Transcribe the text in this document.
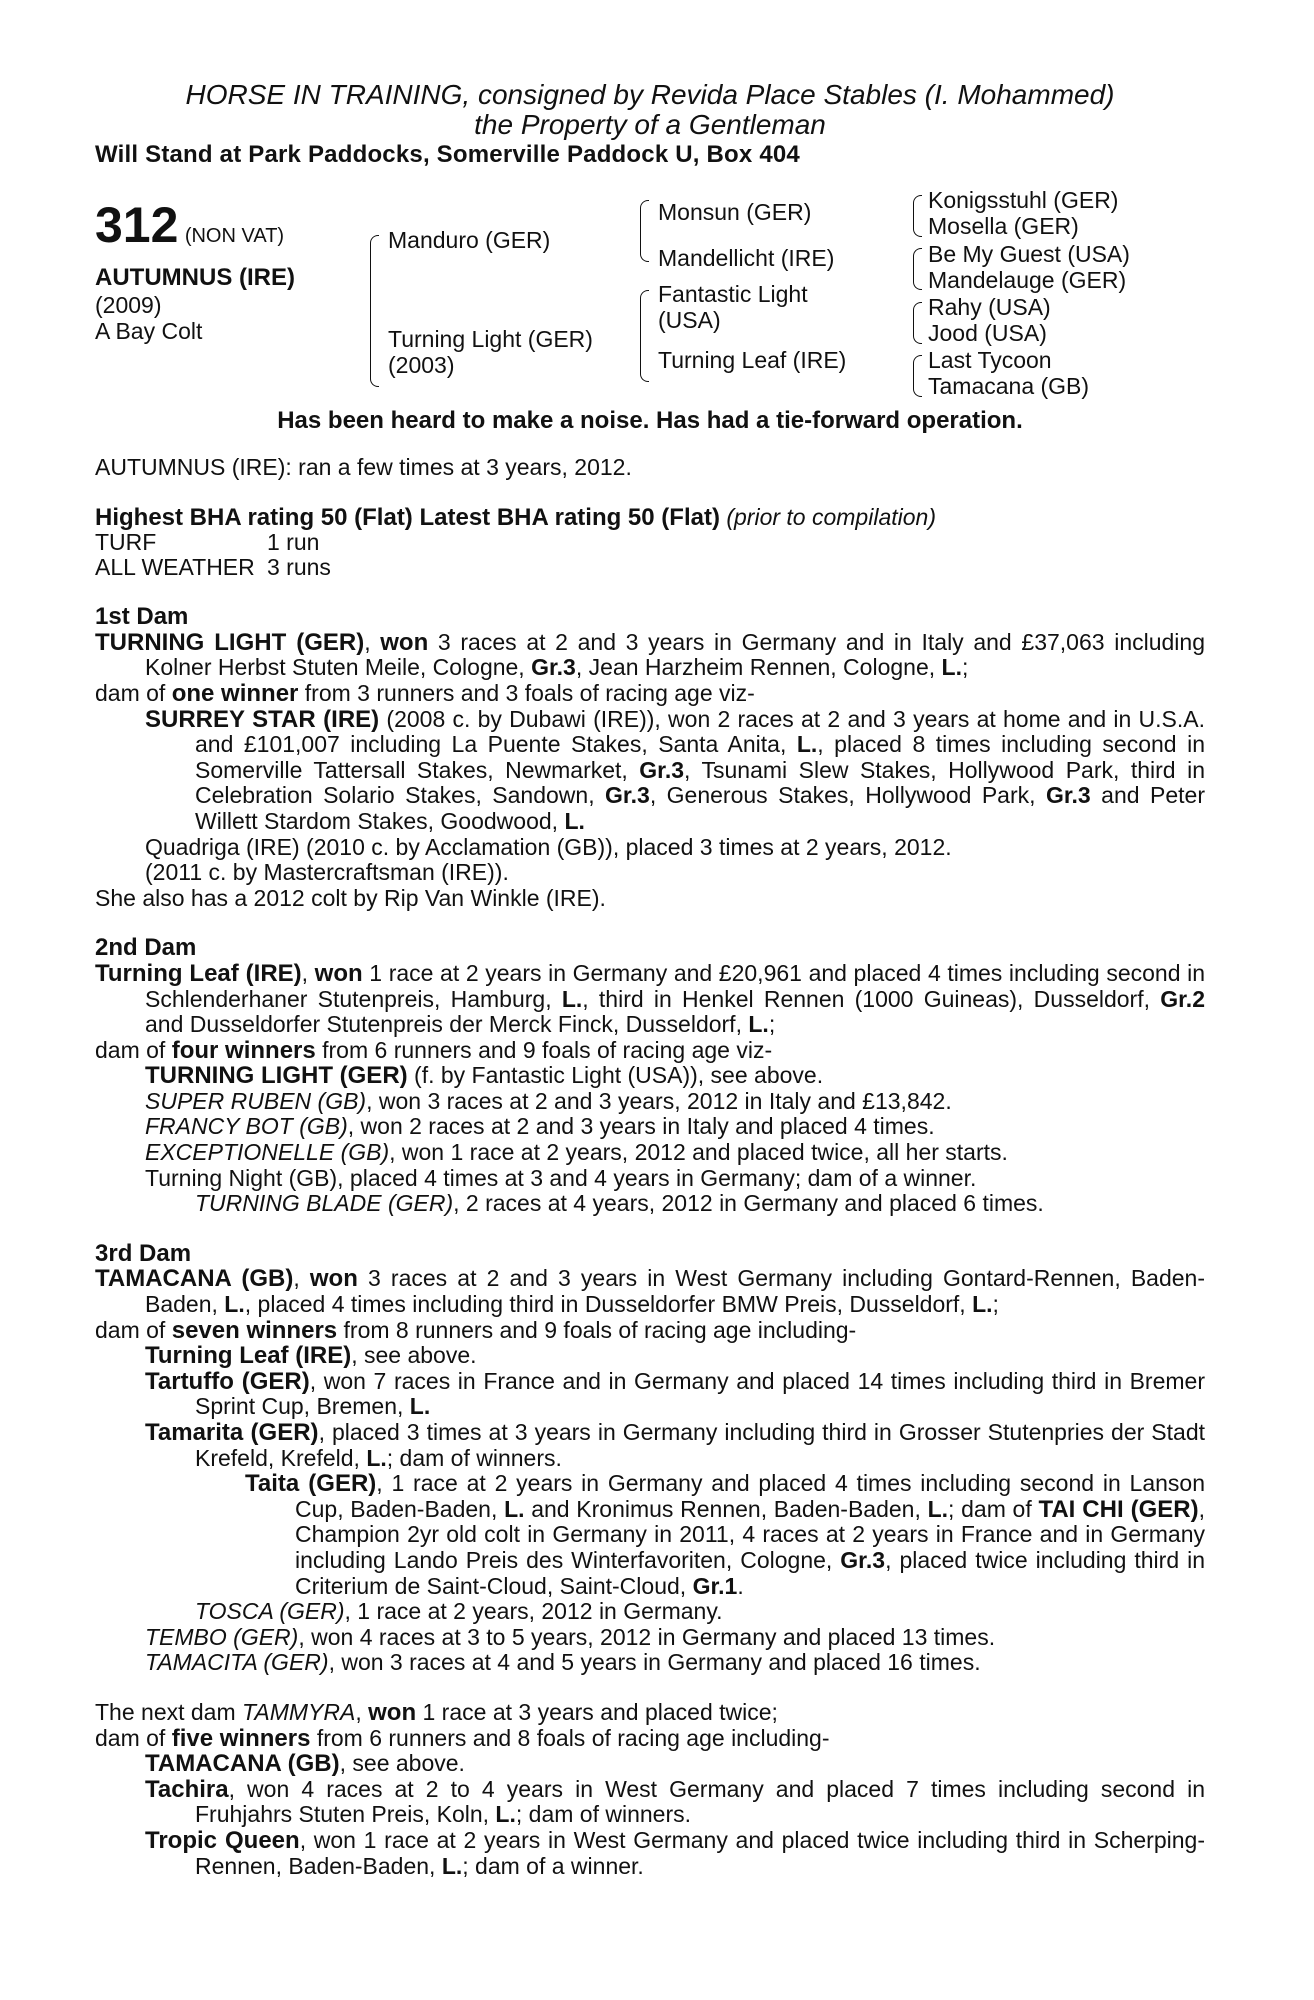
HORSE IN TRAINING, consigned by Revida Place Stables (I. Mohammed)
the Property of a Gentleman
Will Stand at Park Paddocks, Somerville Paddock U, Box 404
312 (NON VAT)
AUTUMNUS (IRE)
(2009)
A Bay Colt
Manduro (GER)
Turning Light (GER)
(2003)
Monsun (GER)
Mandellicht (IRE)
Fantastic Light
(USA)
Turning Leaf (IRE)
Konigsstuhl (GER)
Mosella (GER)
Be My Guest (USA)
Mandelauge (GER)
Rahy (USA)
Jood (USA)
Last Tycoon
Tamacana (GB)
Has been heard to make a noise. Has had a tie-forward operation.

AUTUMNUS (IRE): ran a few times at 3 years, 2012.

Highest BHA rating 50 (Flat) Latest BHA rating 50 (Flat) (prior to compilation)

TURF	1 run
ALL WEATHER	3 runs

1st Dam

TURNING LIGHT (GER), won 3 races at 2 and 3 years in Germany and in Italy and £37,063 including Kolner Herbst Stuten Meile, Cologne, Gr.3, Jean Harzheim Rennen, Cologne, L.;

dam of one winner from 3 runners and 3 foals of racing age viz-

SURREY STAR (IRE) (2008 c. by Dubawi (IRE)), won 2 races at 2 and 3 years at home and in U.S.A. and £101,007 including La Puente Stakes, Santa Anita, L., placed 8 times including second in Somerville Tattersall Stakes, Newmarket, Gr.3, Tsunami Slew Stakes, Hollywood Park, third in Celebration Solario Stakes, Sandown, Gr.3, Generous Stakes, Hollywood Park, Gr.3 and Peter Willett Stardom Stakes, Goodwood, L.

Quadriga (IRE) (2010 c. by Acclamation (GB)), placed 3 times at 2 years, 2012.

(2011 c. by Mastercraftsman (IRE)).

She also has a 2012 colt by Rip Van Winkle (IRE).

2nd Dam

Turning Leaf (IRE), won 1 race at 2 years in Germany and £20,961 and placed 4 times including second in Schlenderhaner Stutenpreis, Hamburg, L., third in Henkel Rennen (1000 Guineas), Dusseldorf, Gr.2 and Dusseldorfer Stutenpreis der Merck Finck, Dusseldorf, L.;

dam of four winners from 6 runners and 9 foals of racing age viz-

TURNING LIGHT (GER) (f. by Fantastic Light (USA)), see above.

SUPER RUBEN (GB), won 3 races at 2 and 3 years, 2012 in Italy and £13,842.

FRANCY BOT (GB), won 2 races at 2 and 3 years in Italy and placed 4 times.

EXCEPTIONELLE (GB), won 1 race at 2 years, 2012 and placed twice, all her starts.

Turning Night (GB), placed 4 times at 3 and 4 years in Germany; dam of a winner.

TURNING BLADE (GER), 2 races at 4 years, 2012 in Germany and placed 6 times.

3rd Dam

TAMACANA (GB), won 3 races at 2 and 3 years in West Germany including Gontard-Rennen, Baden-Baden, L., placed 4 times including third in Dusseldorfer BMW Preis, Dusseldorf, L.;

dam of seven winners from 8 runners and 9 foals of racing age including-

Turning Leaf (IRE), see above.

Tartuffo (GER), won 7 races in France and in Germany and placed 14 times including third in Bremer Sprint Cup, Bremen, L.

Tamarita (GER), placed 3 times at 3 years in Germany including third in Grosser Stutenpries der Stadt Krefeld, Krefeld, L.; dam of winners.

Taita (GER), 1 race at 2 years in Germany and placed 4 times including second in Lanson Cup, Baden-Baden, L. and Kronimus Rennen, Baden-Baden, L.; dam of TAI CHI (GER), Champion 2yr old colt in Germany in 2011, 4 races at 2 years in France and in Germany including Lando Preis des Winterfavoriten, Cologne, Gr.3, placed twice including third in Criterium de Saint-Cloud, Saint-Cloud, Gr.1.

TOSCA (GER), 1 race at 2 years, 2012 in Germany.

TEMBO (GER), won 4 races at 3 to 5 years, 2012 in Germany and placed 13 times.

TAMACITA (GER), won 3 races at 4 and 5 years in Germany and placed 16 times.

The next dam TAMMYRA, won 1 race at 3 years and placed twice;

dam of five winners from 6 runners and 8 foals of racing age including-

TAMACANA (GB), see above.

Tachira, won 4 races at 2 to 4 years in West Germany and placed 7 times including second in Fruhjahrs Stuten Preis, Koln, L.; dam of winners.

Tropic Queen, won 1 race at 2 years in West Germany and placed twice including third in Scherping-Rennen, Baden-Baden, L.; dam of a winner.
